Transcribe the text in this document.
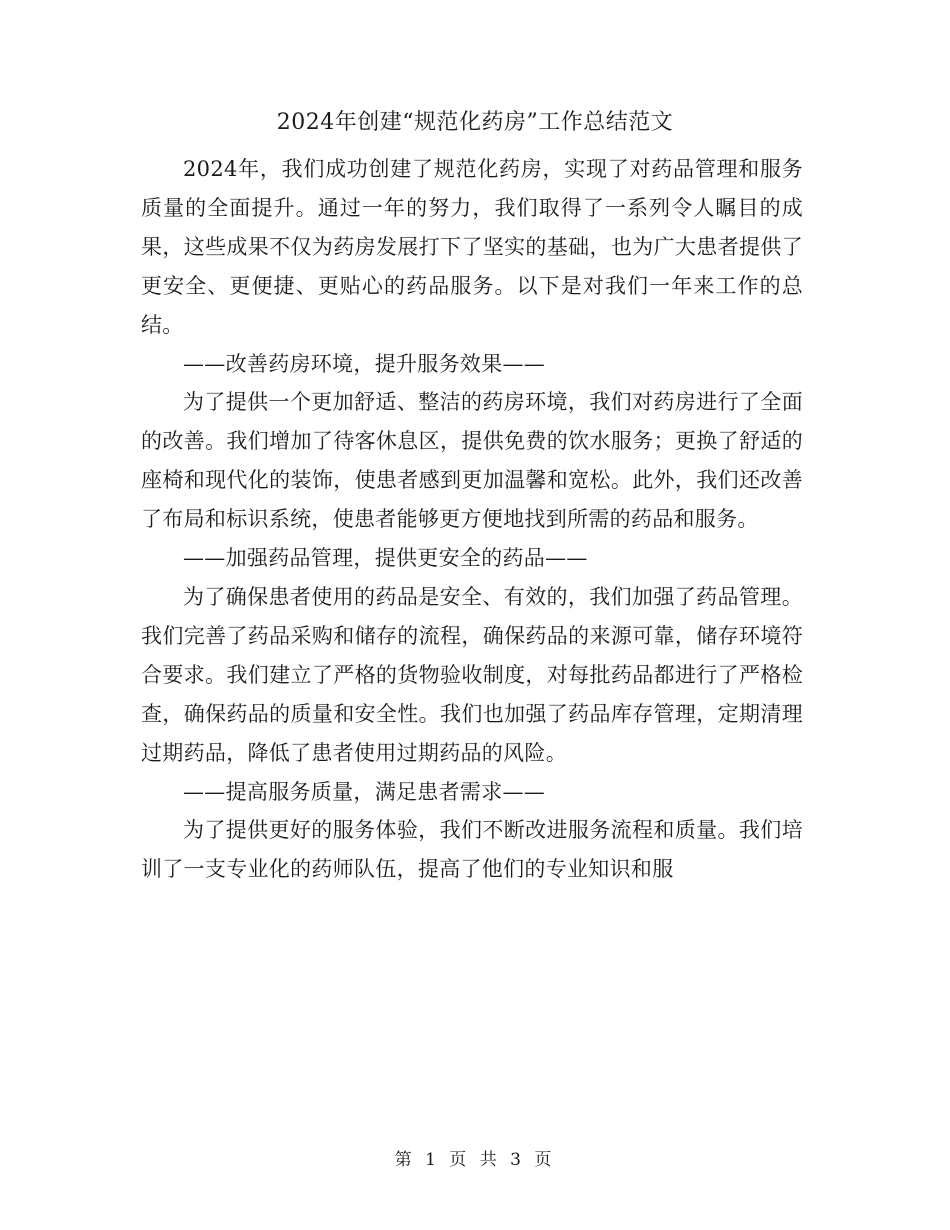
2024年创建“规范化药房”工作总结范文

2024年，我们成功创建了规范化药房，实现了对药品管理和服务质量的全面提升。通过一年的努力，我们取得了一系列令人瞩目的成果，这些成果不仅为药房发展打下了坚实的基础，也为广大患者提供了更安全、更便捷、更贴心的药品服务。以下是对我们一年来工作的总结。

——改善药房环境，提升服务效果——

为了提供一个更加舒适、整洁的药房环境，我们对药房进行了全面的改善。我们增加了待客休息区，提供免费的饮水服务；更换了舒适的座椅和现代化的装饰，使患者感到更加温馨和宽松。此外，我们还改善了布局和标识系统，使患者能够更方便地找到所需的药品和服务。

——加强药品管理，提供更安全的药品——

为了确保患者使用的药品是安全、有效的，我们加强了药品管理。我们完善了药品采购和储存的流程，确保药品的来源可靠，储存环境符合要求。我们建立了严格的货物验收制度，对每批药品都进行了严格检查，确保药品的质量和安全性。我们也加强了药品库存管理，定期清理过期药品，降低了患者使用过期药品的风险。

——提高服务质量，满足患者需求——

为了提供更好的服务体验，我们不断改进服务流程和质量。我们培训了一支专业化的药师队伍，提高了他们的专业知识和服

第 1 页 共 3 页
